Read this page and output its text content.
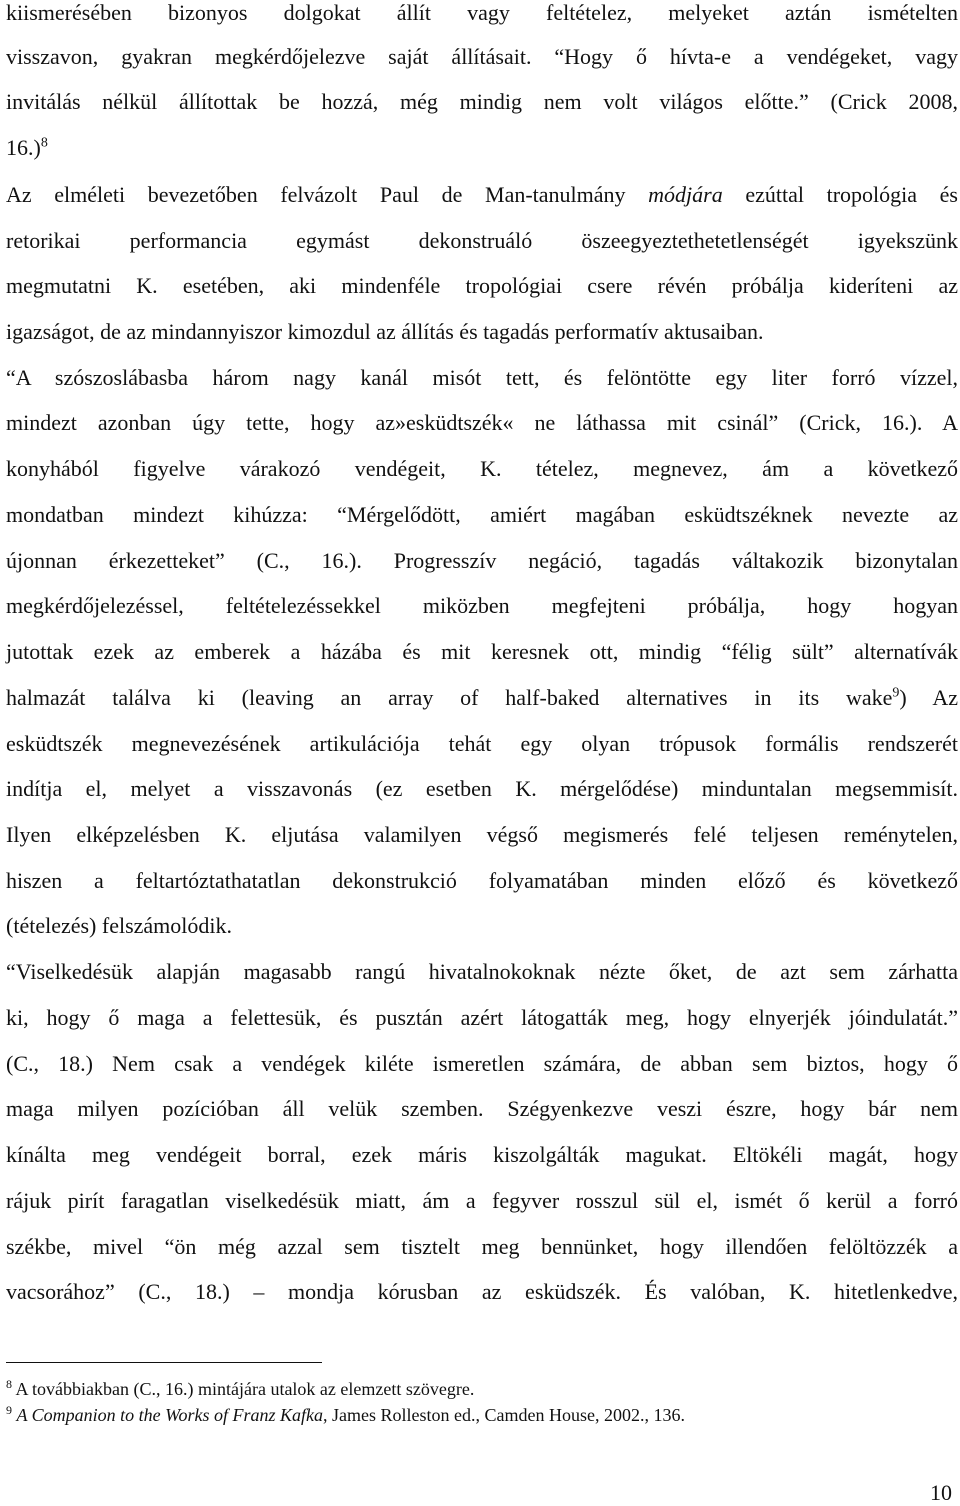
kiismerésében bizonyos dolgokat állít vagy feltételez, melyeket aztán ismételten
visszavon, gyakran megkérdőjelezve saját állításait. “Hogy ő hívta-e a vendégeket, vagy
invitálás nélkül állítottak be hozzá, még mindig nem volt világos előtte.” (Crick 2008,
16.)$^8$
Az elméleti bevezetőben felvázolt Paul de Man-tanulmány módjára ezúttal tropológia és
retorikai performancia egymást dekonstruáló öszeegyeztethetetlenségét igyekszünk
megmutatni K. esetében, aki mindenféle tropológiai csere révén próbálja kideríteni az
igazságot, de az mindannyiszor kimozdul az állítás és tagadás performatív aktusaiban.
“A szószoslábasba három nagy kanál misót tett, és felöntötte egy liter forró vízzel,
mindezt azonban úgy tette, hogy az»esküdtszék« ne láthassa mit csinál” (Crick, 16.). A
konyhából figyelve várakozó vendégeit, K. tételez, megnevez, ám a következő
mondatban mindezt kihúzza: “Mérgelődött, amiért magában esküdtszéknek nevezte az
újonnan érkezetteket” (C., 16.). Progresszív negáció, tagadás váltakozik bizonytalan
megkérdőjelezéssel, feltételezéssekkel miközben megfejteni próbálja, hogy hogyan
jutottak ezek az emberek a házába és mit keresnek ott, mindig “félig sült” alternatívák
halmazát találva ki (leaving an array of half-baked alternatives in its wake$^9$) Az
esküdtszék megnevezésének artikulációja tehát egy olyan trópusok formális rendszerét
indítja el, melyet a visszavonás (ez esetben K. mérgelődése) minduntalan megsemmisít.
Ilyen elképzelésben K. eljutása valamilyen végső megismerés felé teljesen reménytelen,
hiszen a feltartóztathatatlan dekonstrukció folyamatában minden előző és következő
(tételezés) felszámolódik.
“Viselkedésük alapján magasabb rangú hivatalnokoknak nézte őket, de azt sem zárhatta
ki, hogy ő maga a felettesük, és pusztán azért látogatták meg, hogy elnyerjék jóindulatát.”
(C., 18.) Nem csak a vendégek kiléte ismeretlen számára, de abban sem biztos, hogy ő
maga milyen pozícióban áll velük szemben. Szégyenkezve veszi észre, hogy bár nem
kínálta meg vendégeit borral, ezek máris kiszolgálták magukat. Eltökéli magát, hogy
rájuk pirít faragatlan viselkedésük miatt, ám a fegyver rosszul sül el, ismét ő kerül a forró
székbe, mivel “ön még azzal sem tisztelt meg bennünket, hogy illendően felöltözzék a
vacsorához” (C., 18.) – mondja kórusban az esküdszék. És valóban, K. hitetlenkedve,
$^8$ A továbbiakban (C., 16.) mintájára utalok az elemzett szövegre.
$^9$ A Companion to the Works of Franz Kafka, James Rolleston ed., Camden House, 2002., 136.
10
